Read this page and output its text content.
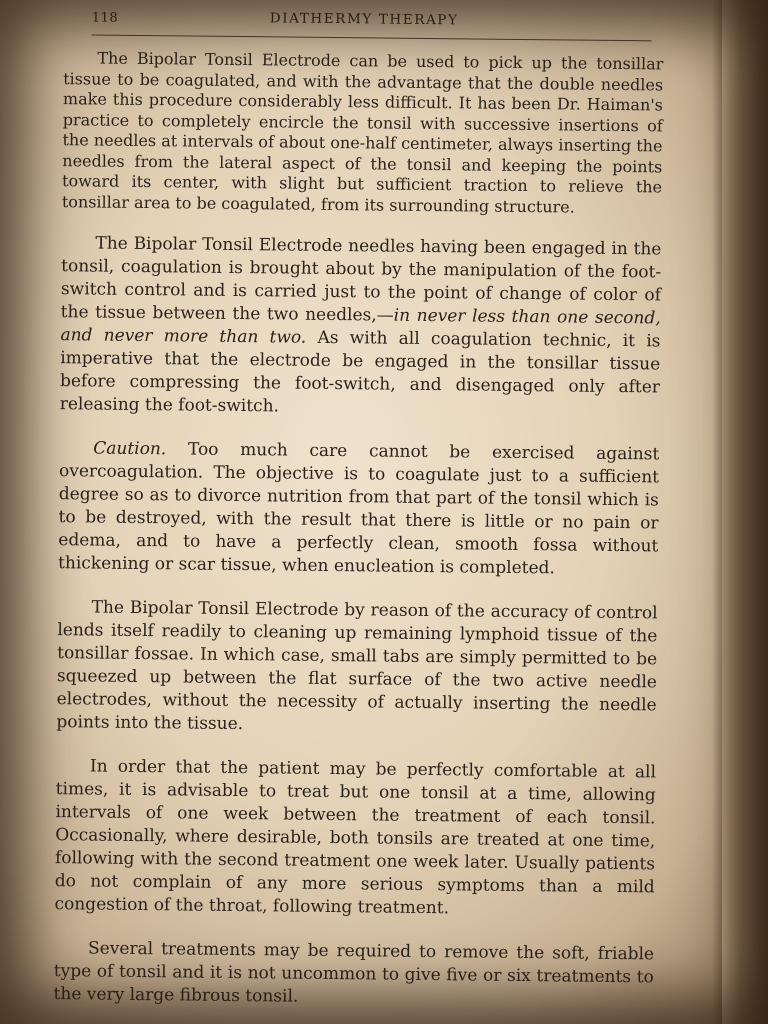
118	DIATHERMY THERAPY

The Bipolar Tonsil Electrode can be used to pick up the tonsillar tissue to be coagulated, and with the advantage that the double needles make this procedure considerably less difficult. It has been Dr. Haiman's practice to completely encircle the tonsil with successive insertions of the needles at intervals of about one-half centimeter, always inserting the needles from the lateral aspect of the tonsil and keeping the points toward its center, with slight but sufficient traction to relieve the tonsillar area to be coagulated, from its surrounding structure.

The Bipolar Tonsil Electrode needles having been engaged in the tonsil, coagulation is brought about by the manipulation of the foot-switch control and is carried just to the point of change of color of the tissue between the two needles,—in never less than one second, and never more than two. As with all coagulation technic, it is imperative that the electrode be engaged in the tonsillar tissue before compressing the foot-switch, and disengaged only after releasing the foot-switch.

Caution. Too much care cannot be exercised against overcoagulation. The objective is to coagulate just to a sufficient degree so as to divorce nutrition from that part of the tonsil which is to be destroyed, with the result that there is little or no pain or edema, and to have a perfectly clean, smooth fossa without thickening or scar tissue, when enucleation is completed.

The Bipolar Tonsil Electrode by reason of the accuracy of control lends itself readily to cleaning up remaining lymphoid tissue of the tonsillar fossae. In which case, small tabs are simply permitted to be squeezed up between the flat surface of the two active needle electrodes, without the necessity of actually inserting the needle points into the tissue.

In order that the patient may be perfectly comfortable at all times, it is advisable to treat but one tonsil at a time, allowing intervals of one week between the treatment of each tonsil. Occasionally, where desirable, both tonsils are treated at one time, following with the second treatment one week later. Usually patients do not complain of any more serious symptoms than a mild congestion of the throat, following treatment.

Several treatments may be required to remove the soft, friable type of tonsil and it is not uncommon to give five or six treatments to the very large fibrous tonsil.
